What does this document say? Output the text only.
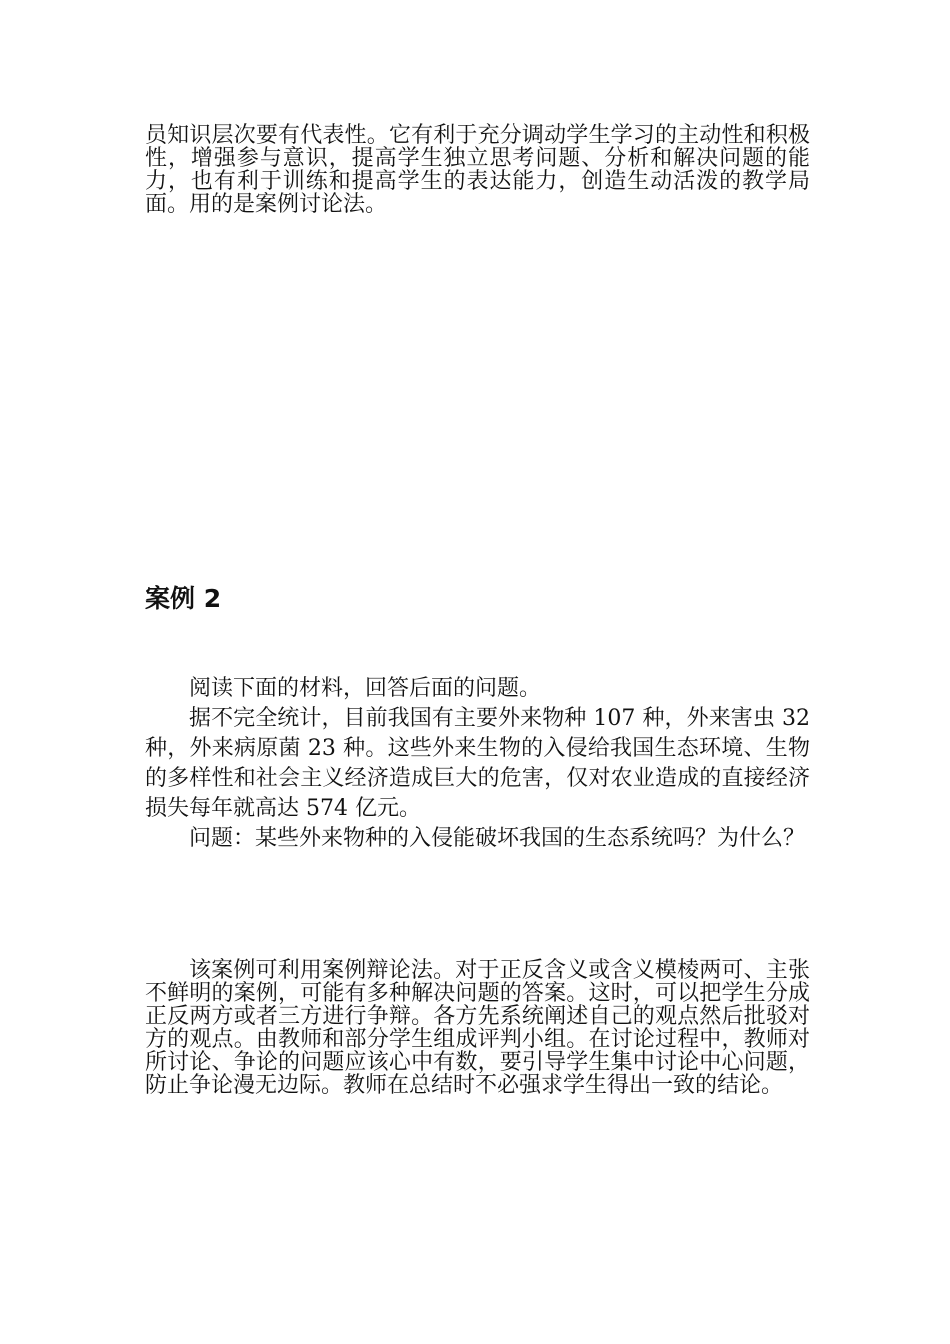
员知识层次要有代表性。它有利于充分调动学生学习的主动性和积极性，增强参与意识，提高学生独立思考问题、分析和解决问题的能力，也有利于训练和提高学生的表达能力，创造生动活泼的教学局面。用的是案例讨论法。

案例 2

阅读下面的材料，回答后面的问题。

据不完全统计，目前我国有主要外来物种 107 种，外来害虫 32 种，外来病原菌 23 种。这些外来生物的入侵给我国生态环境、生物的多样性和社会主义经济造成巨大的危害，仅对农业造成的直接经济损失每年就高达 574 亿元。

问题：某些外来物种的入侵能破坏我国的生态系统吗？为什么？

该案例可利用案例辩论法。对于正反含义或含义模棱两可、主张不鲜明的案例，可能有多种解决问题的答案。这时，可以把学生分成正反两方或者三方进行争辩。各方先系统阐述自己的观点然后批驳对方的观点。由教师和部分学生组成评判小组。在讨论过程中，教师对所讨论、争论的问题应该心中有数，要引导学生集中讨论中心问题，防止争论漫无边际。教师在总结时不必强求学生得出一致的结论。
